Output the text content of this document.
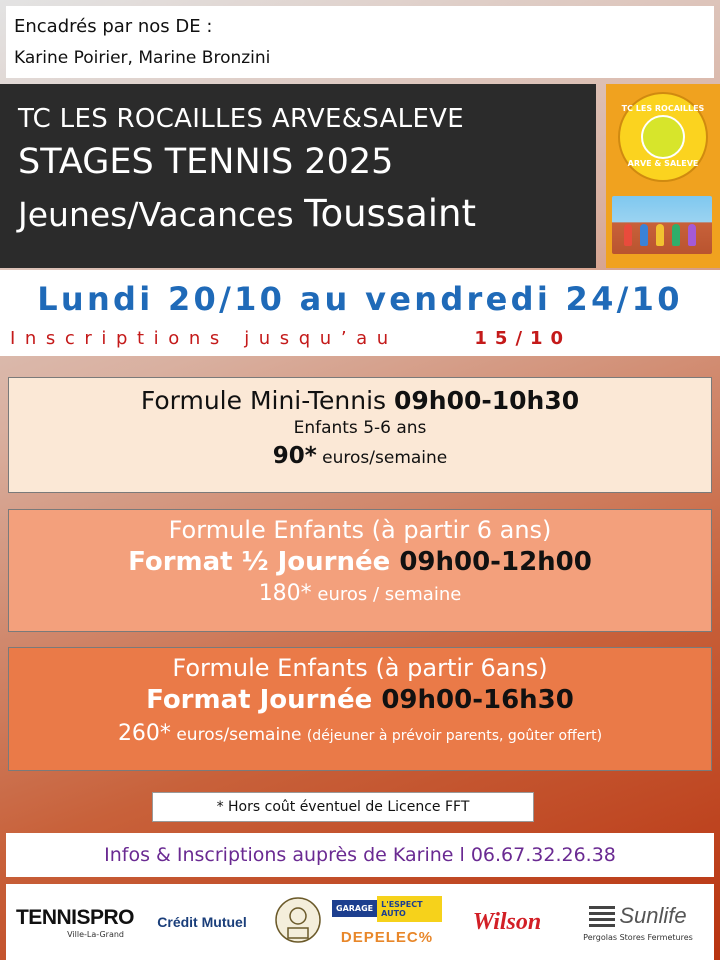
Encadrés par nos DE :
Karine Poirier, Marine Bronzini
TC LES ROCAILLES ARVE&SALEVE
STAGES TENNIS 2025
Jeunes/Vacances Toussaint
TC LES ROCAILLES
ARVE & SALEVE
Lundi 20/10 au vendredi 24/10
Inscriptions jusqu’au	15/10
Formule Mini-Tennis 09h00-10h30
Enfants 5-6 ans
90* euros/semaine
Formule Enfants (à partir 6 ans)
Format ½ Journée 09h00-12h00
180* euros / semaine
Formule Enfants (à partir 6ans)
Format Journée 09h00-16h30
260* euros/semaine (déjeuner à prévoir parents, goûter offert)
* Hors coût éventuel de Licence FFT
Infos & Inscriptions auprès de Karine l 06.67.32.26.38
TENNISPRO
Ville-La-Grand
Crédit Mutuel
GARAGE	L'ESPECT AUTO
DEPELEC%
Wilson	Sunlife
Pergolas Stores Fermetures
